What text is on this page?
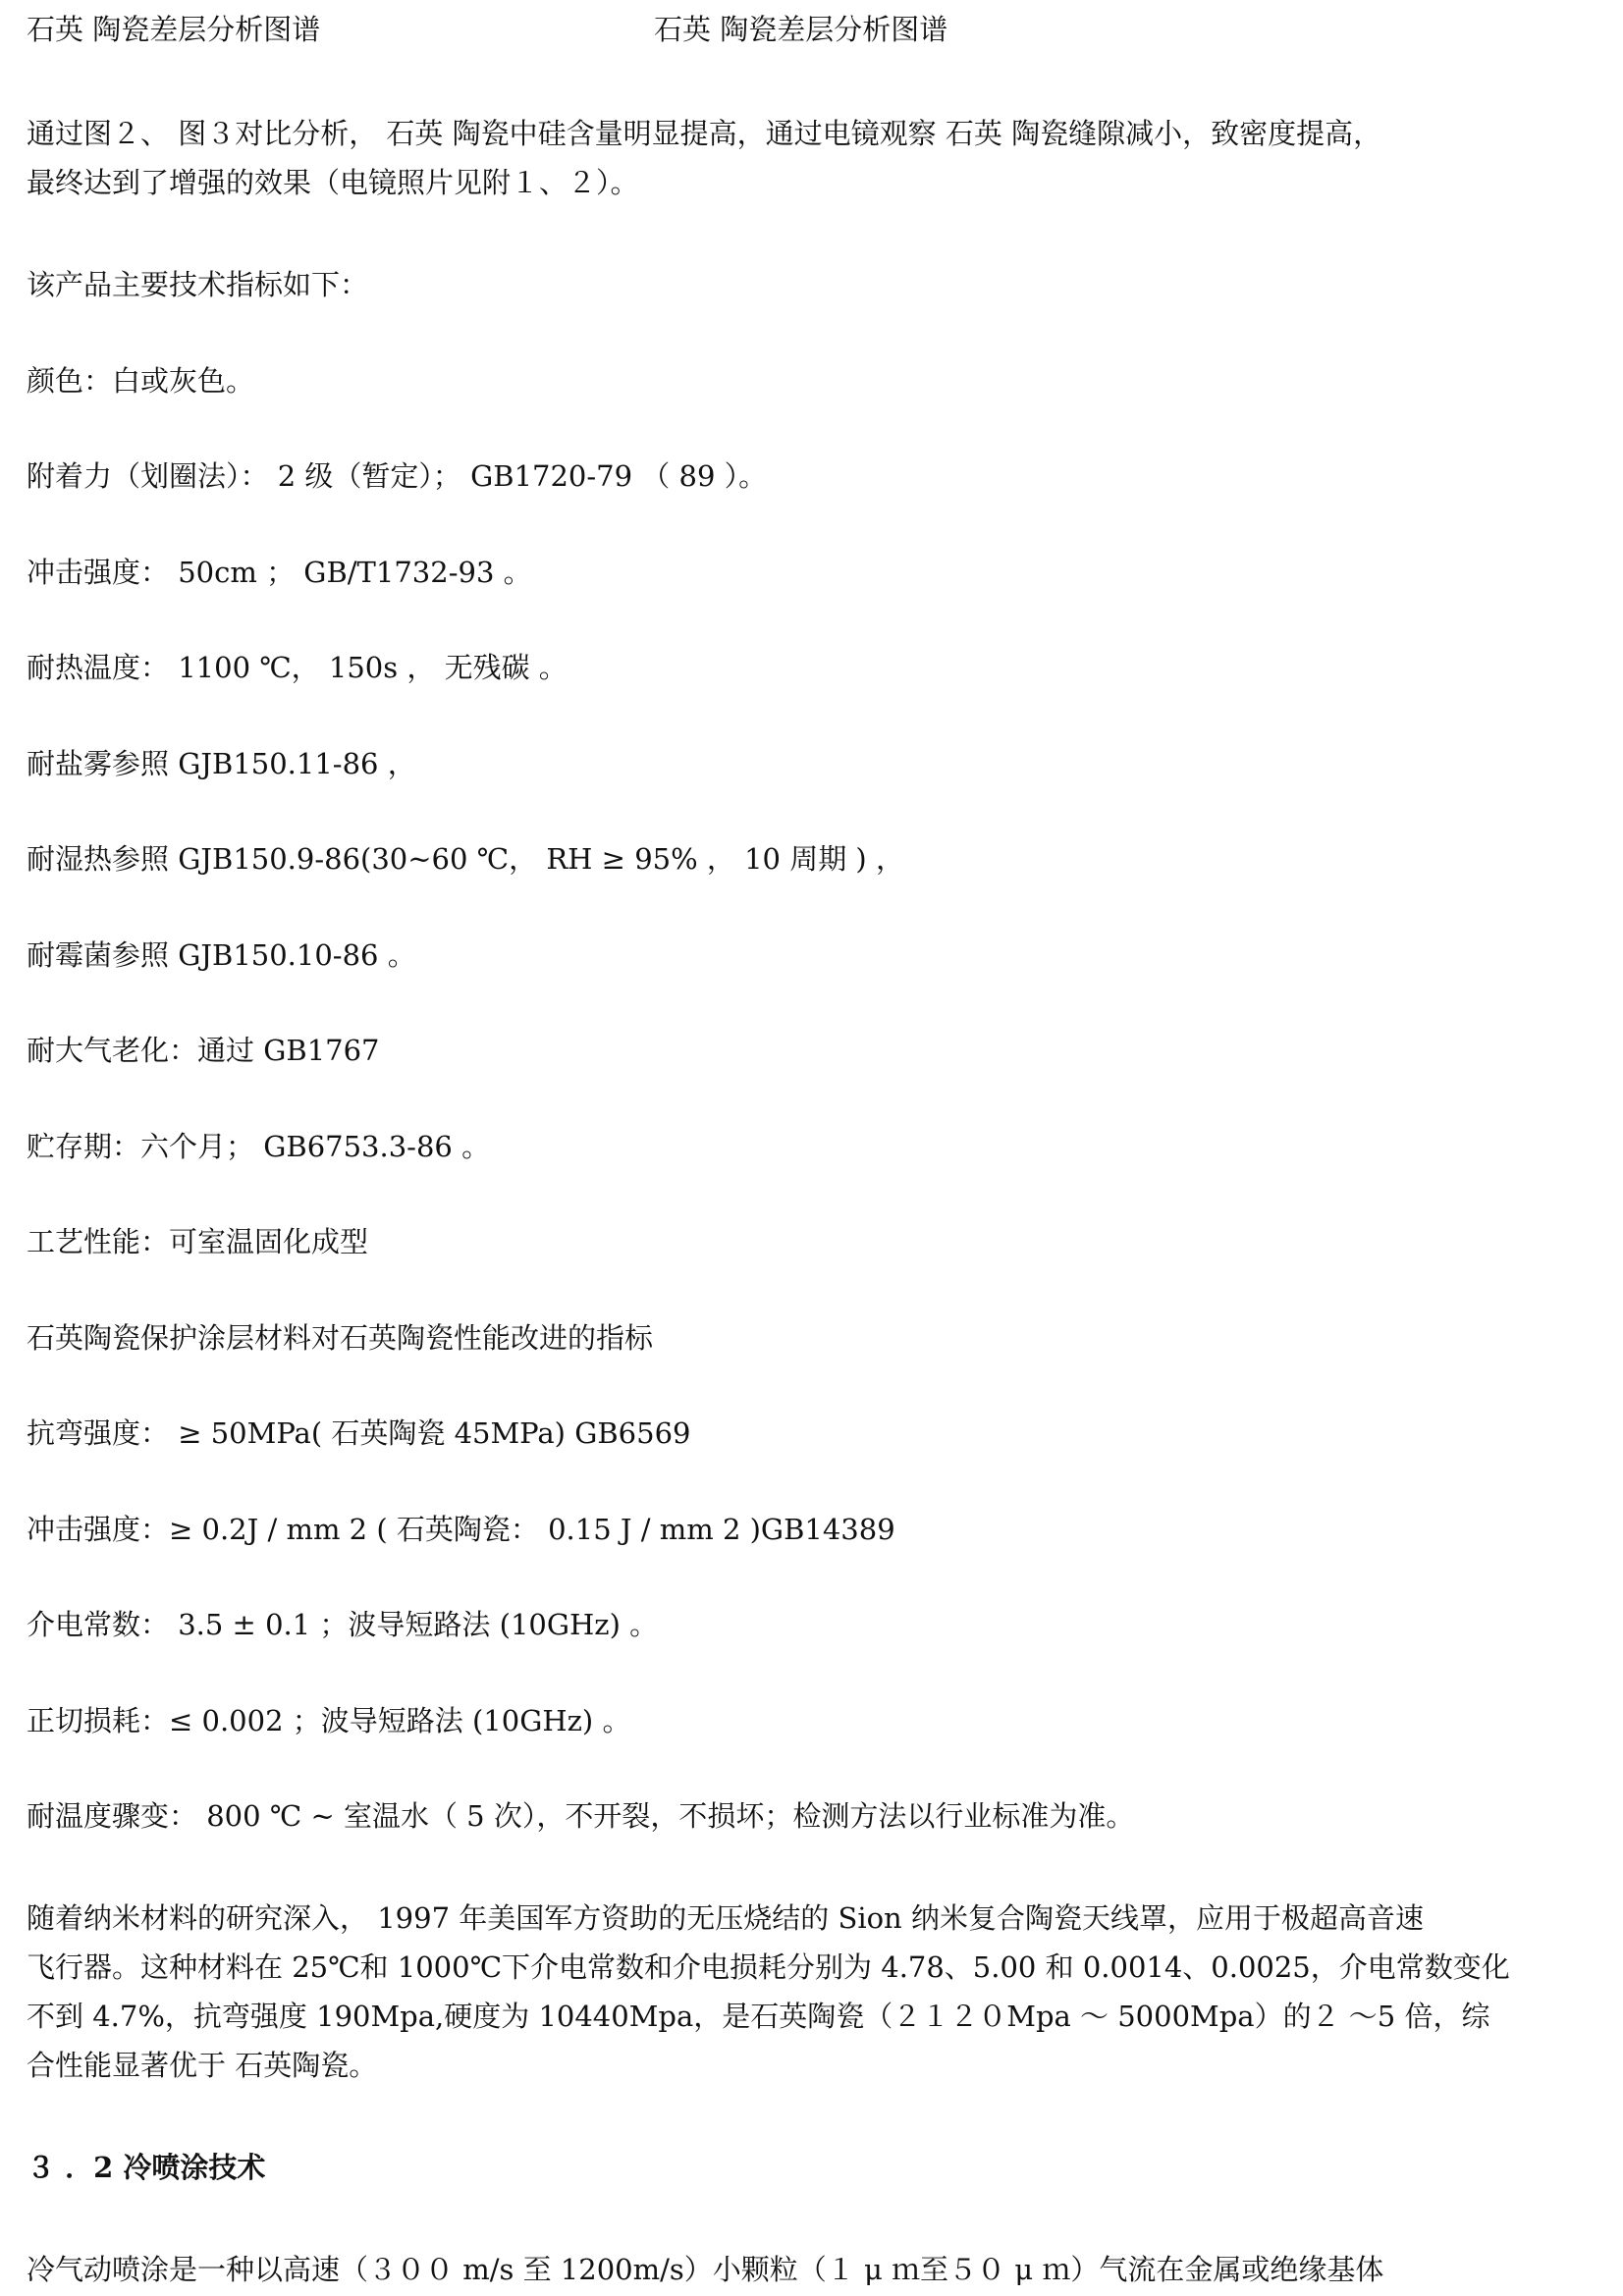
石英 陶瓷差层分析图谱	石英 陶瓷差层分析图谱
通过图２、 图３对比分析， 石英 陶瓷中硅含量明显提高，通过电镜观察 石英 陶瓷缝隙减小，致密度提高，
最终达到了增强的效果（电镜照片见附１、２）。
该产品主要技术指标如下：
颜色：白或灰色。
附着力（划圈法）： 2 级（暂定）； GB1720-79 （ 89 ）。
冲击强度： 50cm ； GB/T1732-93 。
耐热温度： 1100 ℃， 150s ， 无残碳 。
耐盐雾参照 GJB150.11-86 ，
耐湿热参照 GJB150.9-86(30~60 ℃， RH ≥ 95% ， 10 周期 ) ，
耐霉菌参照 GJB150.10-86 。
耐大气老化：通过 GB1767
贮存期：六个月； GB6753.3-86 。
工艺性能：可室温固化成型
石英陶瓷保护涂层材料对石英陶瓷性能改进的指标
抗弯强度： ≥ 50MPa( 石英陶瓷 45MPa) GB6569
冲击强度：≥ 0.2J / mm 2 ( 石英陶瓷： 0.15 J / mm 2 )GB14389
介电常数： 3.5 ± 0.1 ；波导短路法 (10GHz) 。
正切损耗：≤ 0.002 ；波导短路法 (10GHz) 。
耐温度骤变： 800 ℃ ~ 室温水（ 5 次），不开裂，不损坏；检测方法以行业标准为准。
随着纳米材料的研究深入， 1997 年美国军方资助的无压烧结的 Sion 纳米复合陶瓷天线罩，应用于极超高音速
飞行器。这种材料在 25℃和 1000℃下介电常数和介电损耗分别为 4.78、5.00 和 0.0014、0.0025，介电常数变化
不到 4.7%，抗弯强度 190Mpa,硬度为 10440Mpa，是石英陶瓷（２１２０Mpa ～ 5000Mpa）的２ ～5 倍，综
合性能显著优于 石英陶瓷。
３ ．2 冷喷涂技术
冷气动喷涂是一种以高速（３００ m/s 至 1200m/s）小颗粒（１ μ ｍ至５０ μ ｍ）气流在金属或绝缘基体
